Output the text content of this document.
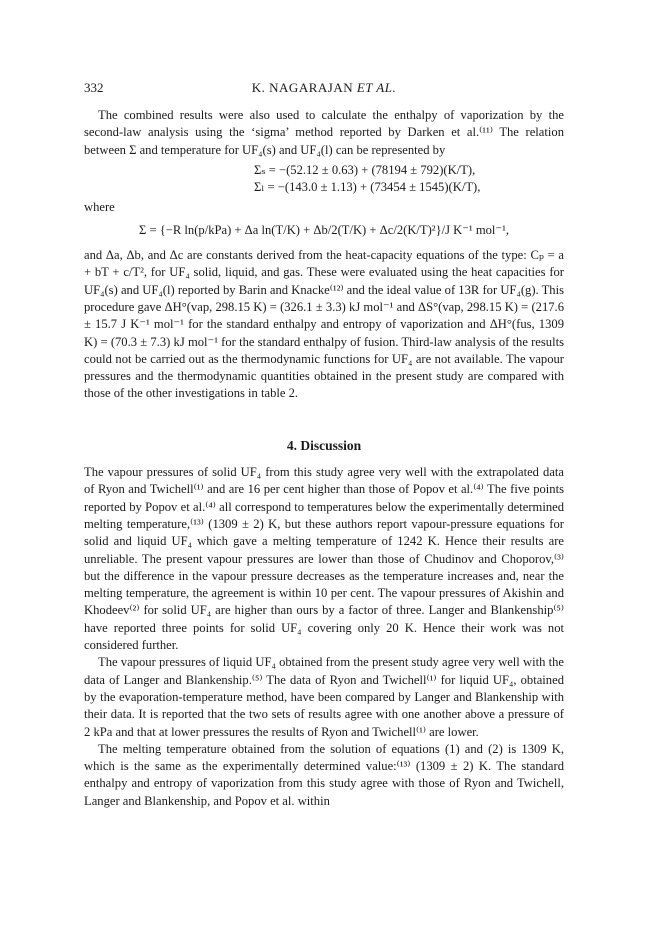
332	K. NAGARAJAN ET AL.

The combined results were also used to calculate the enthalpy of vaporization by the second-law analysis using the ‘sigma’ method reported by Darken et al.⁽¹¹⁾ The relation between Σ and temperature for UF₄(s) and UF₄(l) can be represented by

Σₛ = −(52.12 ± 0.63) + (78194 ± 792)(K/T),
Σₗ = −(143.0 ± 1.13) + (73454 ± 1545)(K/T),

where

Σ = {−R ln(p/kPa) + Δa ln(T/K) + Δb/2(T/K) + Δc/2(K/T)²}/J K⁻¹ mol⁻¹,

and Δa, Δb, and Δc are constants derived from the heat-capacity equations of the type: Cₚ = a + bT + c/T², for UF₄ solid, liquid, and gas. These were evaluated using the heat capacities for UF₄(s) and UF₄(l) reported by Barin and Knacke⁽¹²⁾ and the ideal value of 13R for UF₄(g). This procedure gave ΔH°(vap, 298.15 K) = (326.1 ± 3.3) kJ mol⁻¹ and ΔS°(vap, 298.15 K) = (217.6 ± 15.7 J K⁻¹ mol⁻¹ for the standard enthalpy and entropy of vaporization and ΔH°(fus, 1309 K) = (70.3 ± 7.3) kJ mol⁻¹ for the standard enthalpy of fusion. Third-law analysis of the results could not be carried out as the thermodynamic functions for UF₄ are not available. The vapour pressures and the thermodynamic quantities obtained in the present study are compared with those of the other investigations in table 2.

4. Discussion

The vapour pressures of solid UF₄ from this study agree very well with the extrapolated data of Ryon and Twichell⁽¹⁾ and are 16 per cent higher than those of Popov et al.⁽⁴⁾ The five points reported by Popov et al.⁽⁴⁾ all correspond to temperatures below the experimentally determined melting temperature,⁽¹³⁾ (1309 ± 2) K, but these authors report vapour-pressure equations for solid and liquid UF₄ which gave a melting temperature of 1242 K. Hence their results are unreliable. The present vapour pressures are lower than those of Chudinov and Choporov,⁽³⁾ but the difference in the vapour pressure decreases as the temperature increases and, near the melting temperature, the agreement is within 10 per cent. The vapour pressures of Akishin and Khodeev⁽²⁾ for solid UF₄ are higher than ours by a factor of three. Langer and Blankenship⁽⁵⁾ have reported three points for solid UF₄ covering only 20 K. Hence their work was not considered further.

The vapour pressures of liquid UF₄ obtained from the present study agree very well with the data of Langer and Blankenship.⁽⁵⁾ The data of Ryon and Twichell⁽¹⁾ for liquid UF₄, obtained by the evaporation-temperature method, have been compared by Langer and Blankenship with their data. It is reported that the two sets of results agree with one another above a pressure of 2 kPa and that at lower pressures the results of Ryon and Twichell⁽¹⁾ are lower.

The melting temperature obtained from the solution of equations (1) and (2) is 1309 K, which is the same as the experimentally determined value:⁽¹³⁾ (1309 ± 2) K. The standard enthalpy and entropy of vaporization from this study agree with those of Ryon and Twichell, Langer and Blankenship, and Popov et al. within
